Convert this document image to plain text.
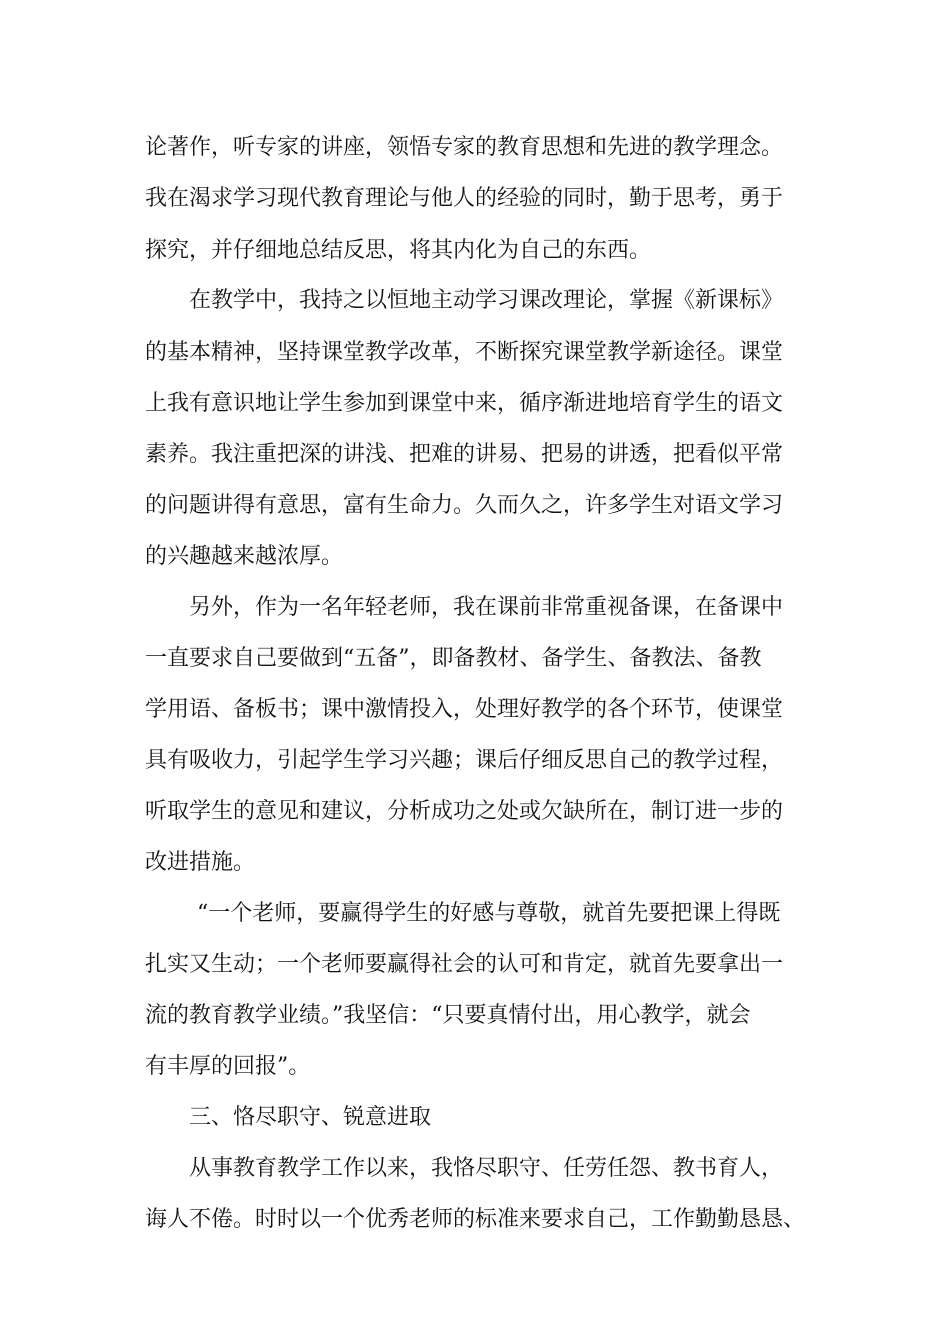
论著作，听专家的讲座，领悟专家的教育思想和先进的教学理念。
我在渴求学习现代教育理论与他人的经验的同时，勤于思考，勇于
探究，并仔细地总结反思，将其内化为自己的东西。
在教学中，我持之以恒地主动学习课改理论，掌握《新课标》
的基本精神，坚持课堂教学改革，不断探究课堂教学新途径。课堂
上我有意识地让学生参加到课堂中来，循序渐进地培育学生的语文
素养。我注重把深的讲浅、把难的讲易、把易的讲透，把看似平常
的问题讲得有意思，富有生命力。久而久之，许多学生对语文学习
的兴趣越来越浓厚。
另外，作为一名年轻老师，我在课前非常重视备课，在备课中
一直要求自己要做到“五备”，即备教材、备学生、备教法、备教
学用语、备板书；课中激情投入，处理好教学的各个环节，使课堂
具有吸收力，引起学生学习兴趣；课后仔细反思自己的教学过程，
听取学生的意见和建议，分析成功之处或欠缺所在，制订进一步的
改进措施。
“一个老师，要赢得学生的好感与尊敬，就首先要把课上得既
扎实又生动；一个老师要赢得社会的认可和肯定，就首先要拿出一
流的教育教学业绩。”我坚信：“只要真情付出，用心教学，就会
有丰厚的回报”。
三、恪尽职守、锐意进取
从事教育教学工作以来，我恪尽职守、任劳任怨、教书育人，
诲人不倦。时时以一个优秀老师的标准来要求自己，工作勤勤恳恳、
